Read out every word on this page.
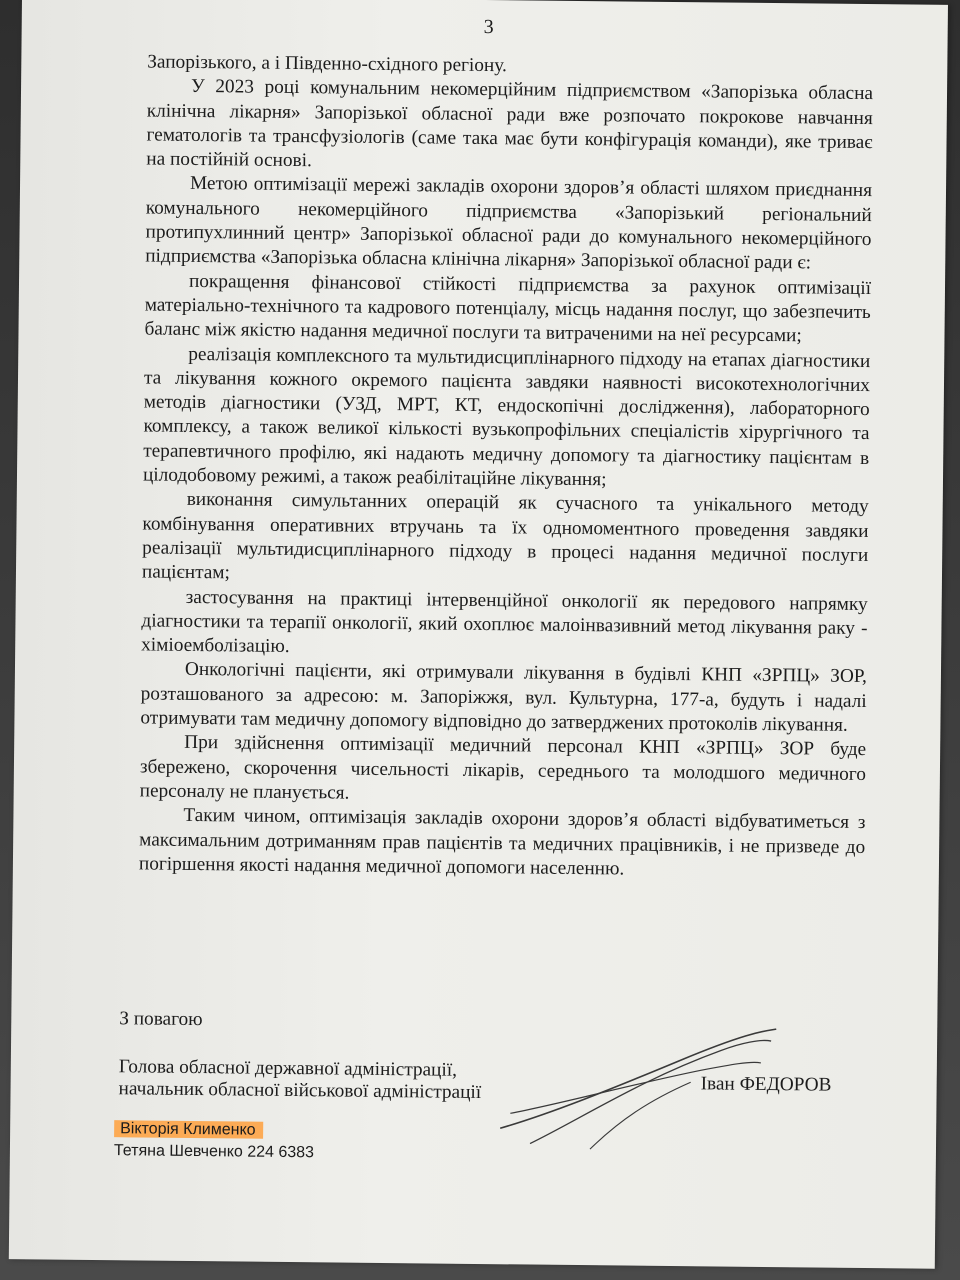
3

Запорізького, а і Південно-східного регіону.

У 2023 році комунальним некомерційним підприємством «Запорізька обласна клінічна лікарня» Запорізької обласної ради вже розпочато покрокове навчання гематологів та трансфузіологів (саме така має бути конфігурація команди), яке триває на постійній основі.

Метою оптимізації мережі закладів охорони здоров’я області шляхом приєднання комунального некомерційного підприємства «Запорізький регіональний протипухлинний центр» Запорізької обласної ради до комунального некомерційного підприємства «Запорізька обласна клінічна лікарня» Запорізької обласної ради є:

покращення фінансової стійкості підприємства за рахунок оптимізації матеріально-технічного та кадрового потенціалу, місць надання послуг, що забезпечить баланс між якістю надання медичної послуги та витраченими на неї ресурсами;

реалізація комплексного та мультидисциплінарного підходу на етапах діагностики та лікування кожного окремого пацієнта завдяки наявності високотехнологічних методів діагностики (УЗД, МРТ, КТ, ендоскопічні дослідження), лабораторного комплексу, а також великої кількості вузькопрофільних спеціалістів хірургічного та терапевтичного профілю, які надають медичну допомогу та діагностику пацієнтам в цілодобовому режимі, а також реабілітаційне лікування;

виконання симультанних операцій як сучасного та унікального методу комбінування оперативних втручань та їх одномоментного проведення завдяки реалізації мультидисциплінарного підходу в процесі надання медичної послуги пацієнтам;

застосування на практиці інтервенційної онкології як передового напрямку діагностики та терапії онкології, який охоплює малоінвазивний метод лікування раку - хіміоемболізацію.

Онкологічні пацієнти, які отримували лікування в будівлі КНП «ЗРПЦ» ЗОР, розташованого за адресою: м. Запоріжжя, вул. Культурна, 177-а, будуть і надалі отримувати там медичну допомогу відповідно до затверджених протоколів лікування.

При здійснення оптимізації медичний персонал КНП «ЗРПЦ» ЗОР буде збережено, скорочення чисельності лікарів, середнього та молодшого медичного персоналу не планується.

Таким чином, оптимізація закладів охорони здоров’я області відбуватиметься з максимальним дотриманням прав пацієнтів та медичних працівників, і не призведе до погіршення якості надання медичної допомоги населенню.

З повагою
Голова обласної державної адміністрації,
начальник обласної військової адміністрації	Іван ФЕДОРОВ
Вікторія Клименко
Тетяна Шевченко 224 6383
